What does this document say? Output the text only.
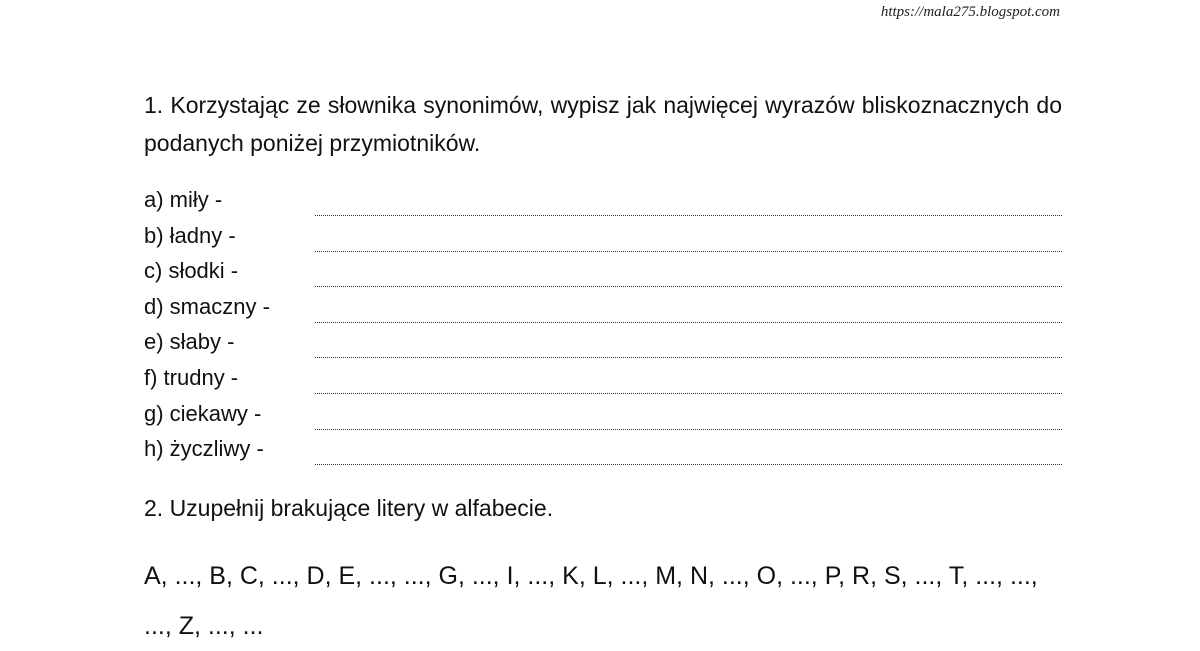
https://mala275.blogspot.com
1. Korzystając ze słownika synonimów, wypisz jak najwięcej wyrazów bliskoznacznych do podanych poniżej przymiotników.
a) miły -
b) ładny -
c) słodki -
d) smaczny -
e) słaby -
f) trudny -
g) ciekawy -
h) życzliwy -
2. Uzupełnij brakujące litery w alfabecie.
A, ..., B, C, ..., D, E, ..., ..., G, ..., I, ..., K, L, ..., M, N, ..., O, ..., P, R, S, ..., T, ..., ..., ..., Z, ..., ...
